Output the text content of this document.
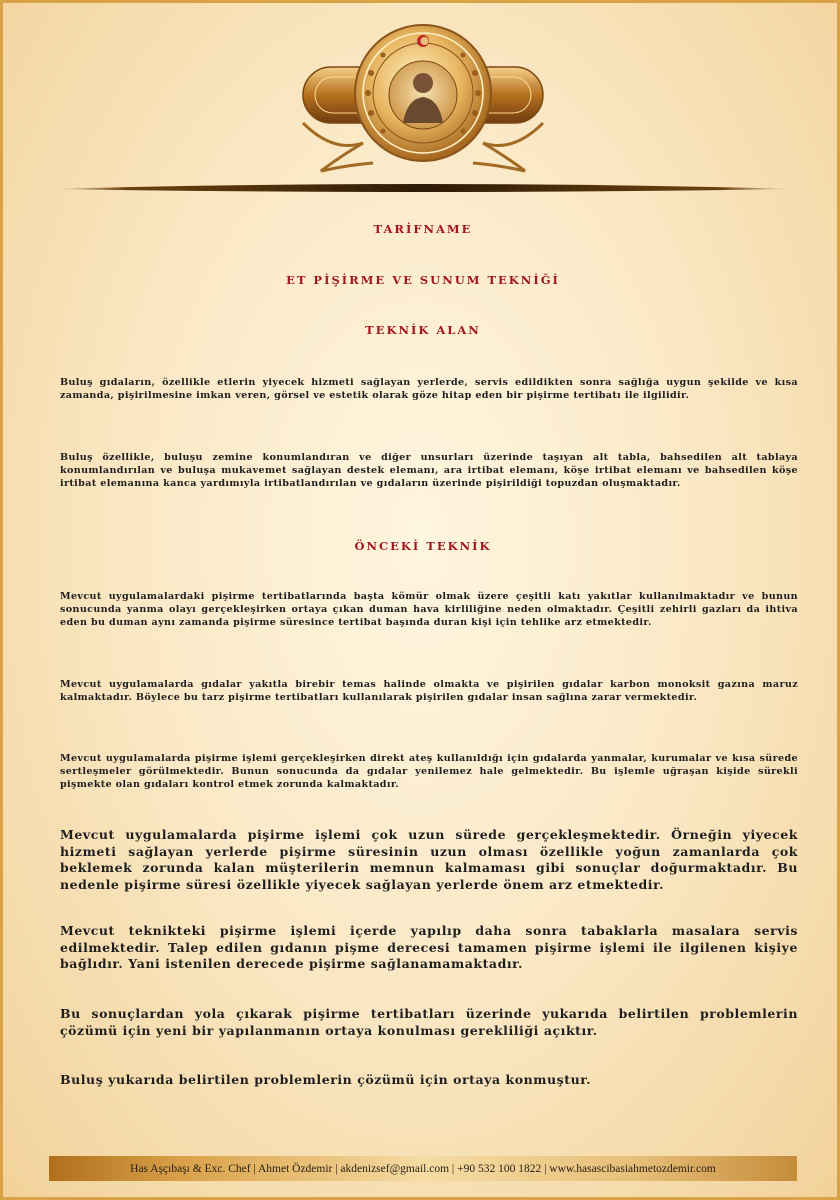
TARİFNAME
ET PİŞİRME VE SUNUM TEKNİĞİ
TEKNİK ALAN

Buluş gıdaların, özellikle etlerin yiyecek hizmeti sağlayan yerlerde, servis edildikten sonra sağlığa uygun şekilde ve kısa zamanda, pişirilmesine imkan veren, görsel ve estetik olarak göze hitap eden bir pişirme tertibatı ile ilgilidir.

Buluş özellikle, buluşu zemine konumlandıran ve diğer unsurları üzerinde taşıyan alt tabla, bahsedilen alt tablaya konumlandırılan ve buluşa mukavemet sağlayan destek elemanı, ara irtibat elemanı, köşe irtibat elemanı ve bahsedilen köşe irtibat elemanına kanca yardımıyla irtibatlandırılan ve gıdaların üzerinde pişirildiği topuzdan oluşmaktadır.

ÖNCEKİ TEKNİK

Mevcut uygulamalardaki pişirme tertibatlarında başta kömür olmak üzere çeşitli katı yakıtlar kullanılmaktadır ve bunun sonucunda yanma olayı gerçekleşirken ortaya çıkan duman hava kirliliğine neden olmaktadır. Çeşitli zehirli gazları da ihtiva eden bu duman aynı zamanda pişirme süresince tertibat başında duran kişi için tehlike arz etmektedir.

Mevcut uygulamalarda gıdalar yakıtla birebir temas halinde olmakta ve pişirilen gıdalar karbon monoksit gazına maruz kalmaktadır. Böylece bu tarz pişirme tertibatları kullanılarak pişirilen gıdalar insan sağlına zarar vermektedir.

Mevcut uygulamalarda pişirme işlemi gerçekleşirken direkt ateş kullanıldığı için gıdalarda yanmalar, kurumalar ve kısa sürede sertleşmeler görülmektedir. Bunun sonucunda da gıdalar yenilemez hale gelmektedir. Bu işlemle uğraşan kişide sürekli pişmekte olan gıdaları kontrol etmek zorunda kalmaktadır.

Mevcut uygulamalarda pişirme işlemi çok uzun sürede gerçekleşmektedir. Örneğin yiyecek hizmeti sağlayan yerlerde pişirme süresinin uzun olması özellikle yoğun zamanlarda çok beklemek zorunda kalan müşterilerin memnun kalmaması gibi sonuçlar doğurmaktadır. Bu nedenle pişirme süresi özellikle yiyecek sağlayan yerlerde önem arz etmektedir.

Mevcut teknikteki pişirme işlemi içerde yapılıp daha sonra tabaklarla masalara servis edilmektedir. Talep edilen gıdanın pişme derecesi tamamen pişirme işlemi ile ilgilenen kişiye bağlıdır. Yani istenilen derecede pişirme sağlanamamaktadır.

Bu sonuçlardan yola çıkarak pişirme tertibatları üzerinde yukarıda belirtilen problemlerin çözümü için yeni bir yapılanmanın ortaya konulması gerekliliği açıktır.

Buluş yukarıda belirtilen problemlerin çözümü için ortaya konmuştur.

Has Aşçıbaşı & Exc. Chef | Ahmet Özdemir | akdenizsef@gmail.com | +90 532 100 1822 | www.hasascibasiahmetozdemir.com
